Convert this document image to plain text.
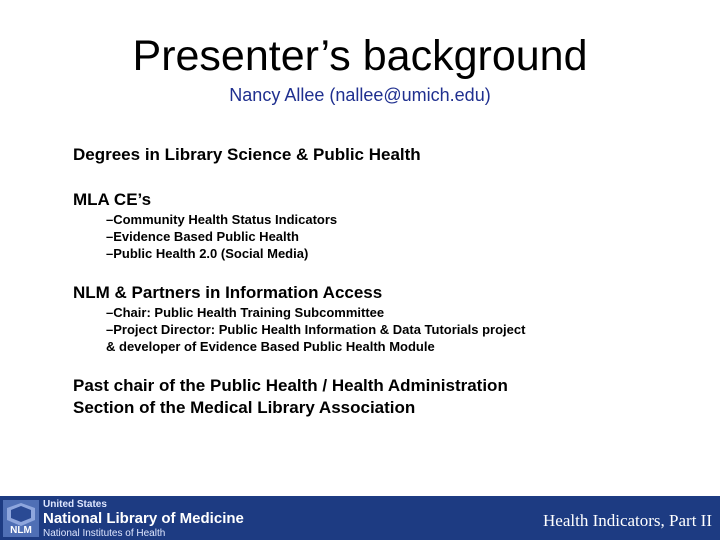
Presenter’s background
Nancy Allee (nallee@umich.edu)

Degrees in Library Science & Public Health

MLA CE’s

–Community Health Status Indicators
–Evidence Based Public Health
–Public Health 2.0 (Social Media)

NLM & Partners in Information Access

–Chair: Public Health Training Subcommittee
–Project Director: Public Health Information & Data Tutorials project
& developer of Evidence Based Public Health Module

Past chair of the Public Health / Health Administration

Section of the Medical Library Association

NLM
United States
National Library of Medicine
National Institutes of Health
Health Indicators, Part II
